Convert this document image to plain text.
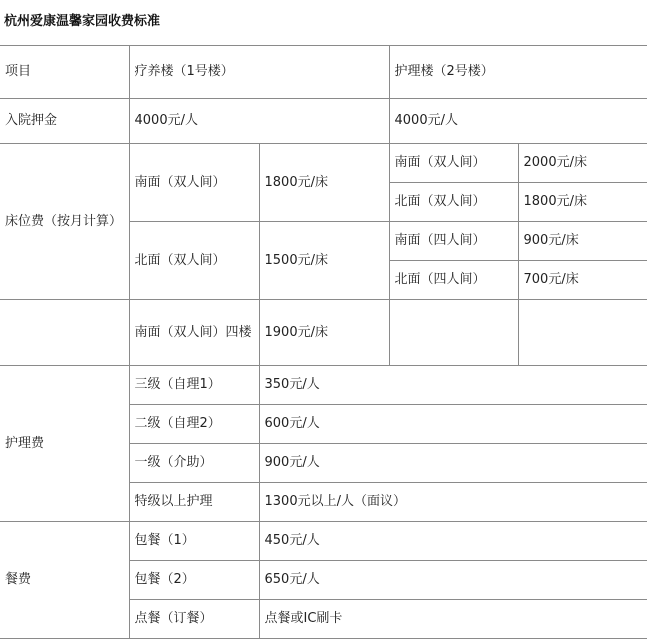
杭州爱康温馨家园收费标准
项目	疗养楼（1号楼）		护理楼（2号楼）	
入院押金	4000元/人		4000元/人	
床位费（按月计算）	南面（双人间）	1800元/床	南面（双人间）	2000元/床
			北面（双人间）	1800元/床
	北面（双人间）	1500元/床	南面（四人间）	900元/床
			北面（四人间）	700元/床
	南面（双人间）四楼	1900元/床		
护理费	三级（自理1）	350元/人		
	二级（自理2）	600元/人		
	一级（介助）	900元/人		
	特级以上护理	1300元以上/人（面议）		
餐费	包餐（1）	450元/人		
	包餐（2）	650元/人		
	点餐（订餐）	点餐或IC刷卡		
